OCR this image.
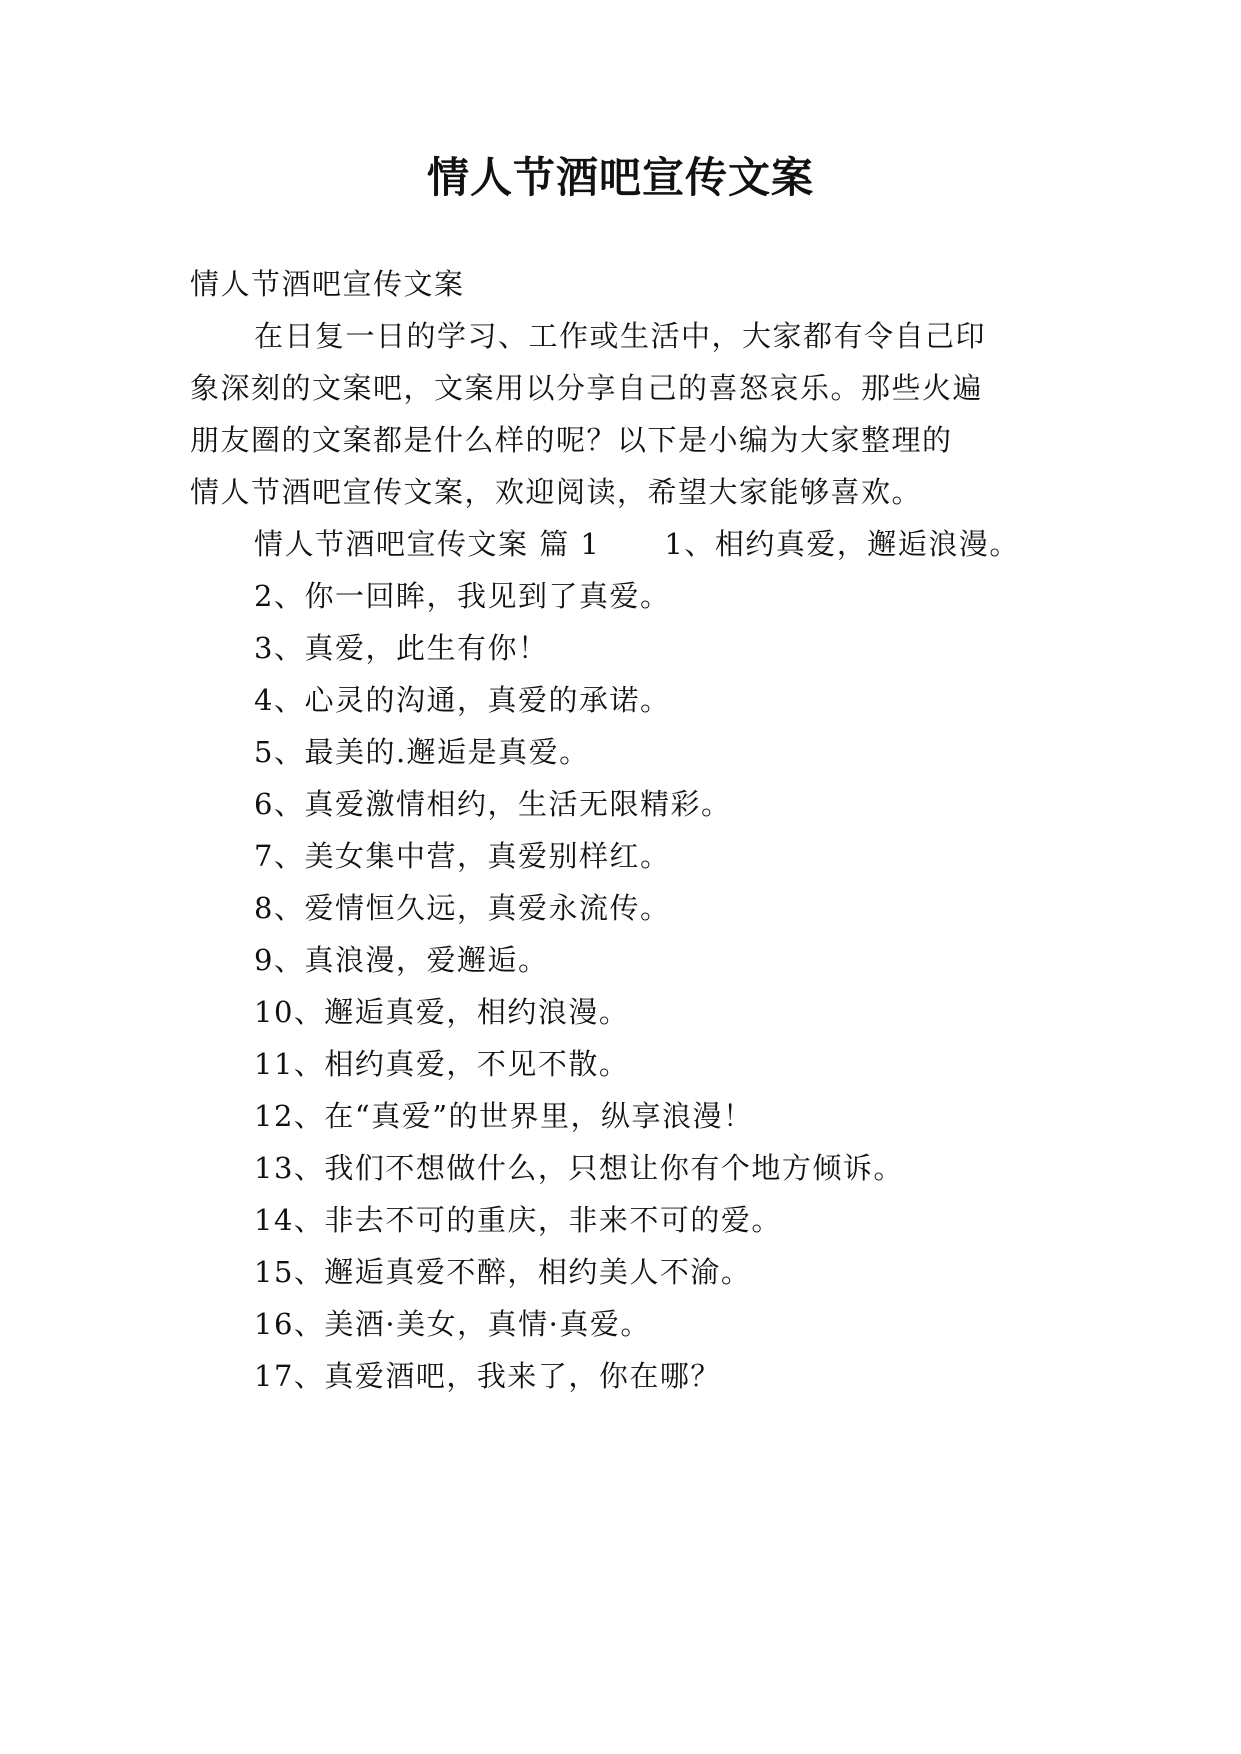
情人节酒吧宣传文案
情人节酒吧宣传文案
在日复一日的学习、工作或生活中，大家都有令自己印
象深刻的文案吧，文案用以分享自己的喜怒哀乐。那些火遍
朋友圈的文案都是什么样的呢？以下是小编为大家整理的
情人节酒吧宣传文案，欢迎阅读，希望大家能够喜欢。
情人节酒吧宣传文案 篇 1 1、相约真爱，邂逅浪漫。
2、你一回眸，我见到了真爱。
3、真爱，此生有你！
4、心灵的沟通，真爱的承诺。
5、最美的.邂逅是真爱。
6、真爱激情相约，生活无限精彩。
7、美女集中营，真爱别样红。
8、爱情恒久远，真爱永流传。
9、真浪漫，爱邂逅。
10、邂逅真爱，相约浪漫。
11、相约真爱，不见不散。
12、在“真爱”的世界里，纵享浪漫！
13、我们不想做什么，只想让你有个地方倾诉。
14、非去不可的重庆，非来不可的爱。
15、邂逅真爱不醉，相约美人不渝。
16、美酒·美女，真情·真爱。
17、真爱酒吧，我来了，你在哪？
